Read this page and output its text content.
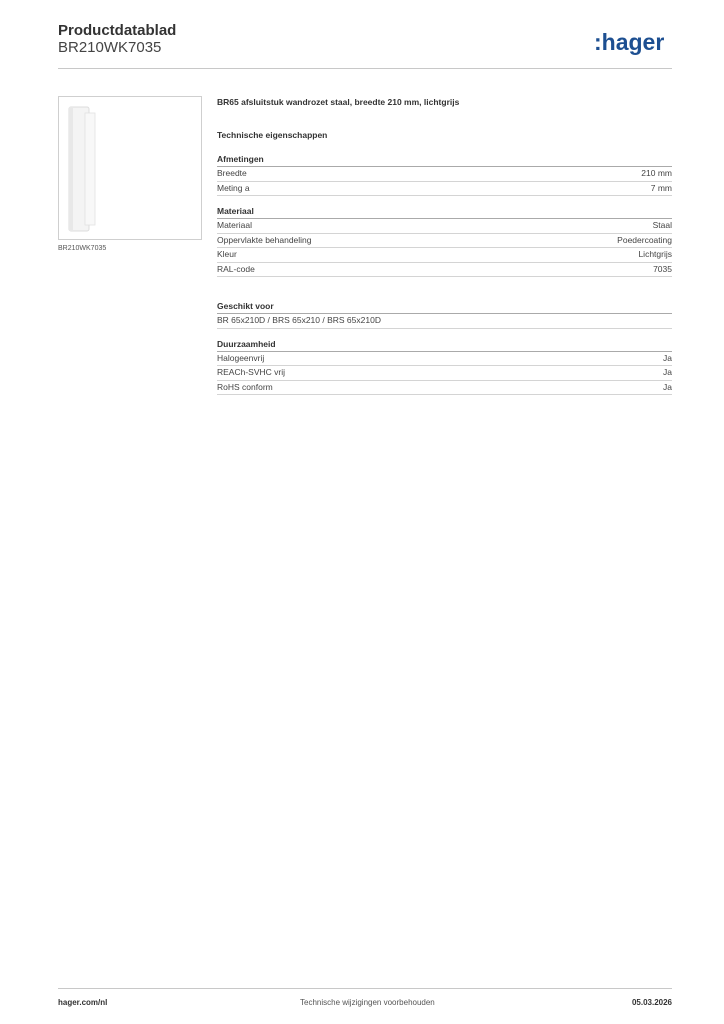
Productdatablad
BR210WK7035	:hager
BR210WK7035
BR65 afsluitstuk wandrozet staal, breedte 210 mm, lichtgrijs
Technische eigenschappen
Afmetingen
Breedte	210 mm
Meting a	7 mm
Materiaal
Materiaal	Staal
Oppervlakte behandeling	Poedercoating
Kleur	Lichtgrijs
RAL-code	7035
Geschikt voor
BR 65x210D / BRS 65x210 / BRS 65x210D
Duurzaamheid
Halogeenvrij	Ja
REACh-SVHC vrij	Ja
RoHS conform	Ja
hager.com/nl	Technische wijzigingen voorbehouden	05.03.2026
